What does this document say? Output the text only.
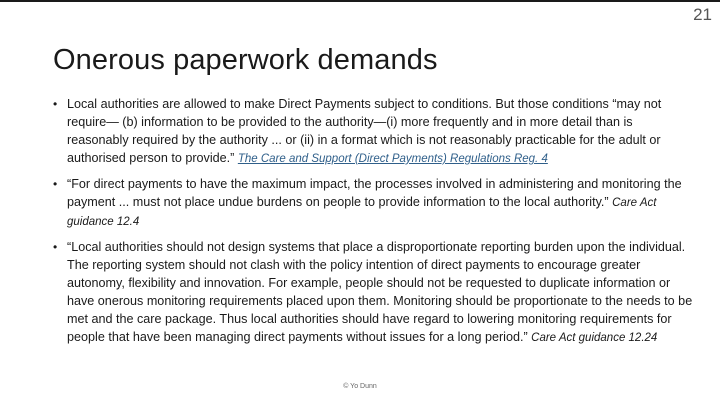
21
Onerous paperwork demands
• Local authorities are allowed to make Direct Payments subject to conditions. But those conditions “may not require— (b) information to be provided to the authority—(i) more frequently and in more detail than is reasonably required by the authority ... or (ii) in a format which is not reasonably practicable for the adult or authorised person to provide.” The Care and Support (Direct Payments) Regulations Reg. 4
• “For direct payments to have the maximum impact, the processes involved in administering and monitoring the payment ... must not place undue burdens on people to provide information to the local authority.” Care Act guidance 12.4
• “Local authorities should not design systems that place a disproportionate reporting burden upon the individual. The reporting system should not clash with the policy intention of direct payments to encourage greater autonomy, flexibility and innovation. For example, people should not be requested to duplicate information or have onerous monitoring requirements placed upon them. Monitoring should be proportionate to the needs to be met and the care package. Thus local authorities should have regard to lowering monitoring requirements for people that have been managing direct payments without issues for a long period.” Care Act guidance 12.24
© Yo Dunn
